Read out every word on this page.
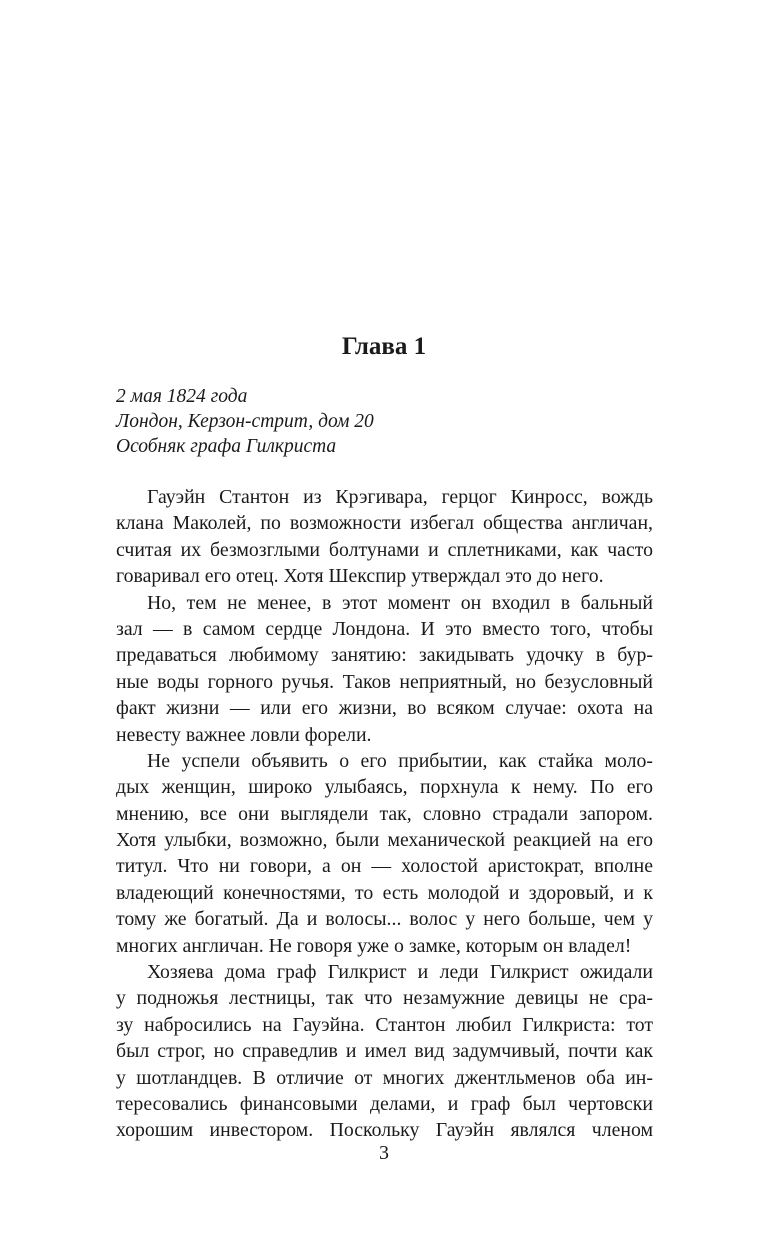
Глава 1
2 мая 1824 года
Лондон, Керзон-стрит, дом 20
Особняк графа Гилкриста
Гауэйн Стантон из Крэгивара, герцог Кинросс, вождь
клана Маколей, по возможности избегал общества англичан,
считая их безмозглыми болтунами и сплетниками, как часто
говаривал его отец. Хотя Шекспир утверждал это до него.
Но, тем не менее, в этот момент он входил в бальный
зал — в самом сердце Лондона. И это вместо того, чтобы
предаваться любимому занятию: закидывать удочку в бур-
ные воды горного ручья. Таков неприятный, но безусловный
факт жизни — или его жизни, во всяком случае: охота на
невесту важнее ловли форели.
Не успели объявить о его прибытии, как стайка моло-
дых женщин, широко улыбаясь, порхнула к нему. По его
мнению, все они выглядели так, словно страдали запором.
Хотя улыбки, возможно, были механической реакцией на его
титул. Что ни говори, а он — холостой аристократ, вполне
владеющий конечностями, то есть молодой и здоровый, и к
тому же богатый. Да и волосы... волос у него больше, чем у
многих англичан. Не говоря уже о замке, которым он владел!
Хозяева дома граф Гилкрист и леди Гилкрист ожидали
у подножья лестницы, так что незамужние девицы не сра-
зу набросились на Гауэйна. Стантон любил Гилкриста: тот
был строг, но справедлив и имел вид задумчивый, почти как
у шотландцев. В отличие от многих джентльменов оба ин-
тересовались финансовыми делами, и граф был чертовски
хорошим инвестором. Поскольку Гауэйн являлся членом
3
